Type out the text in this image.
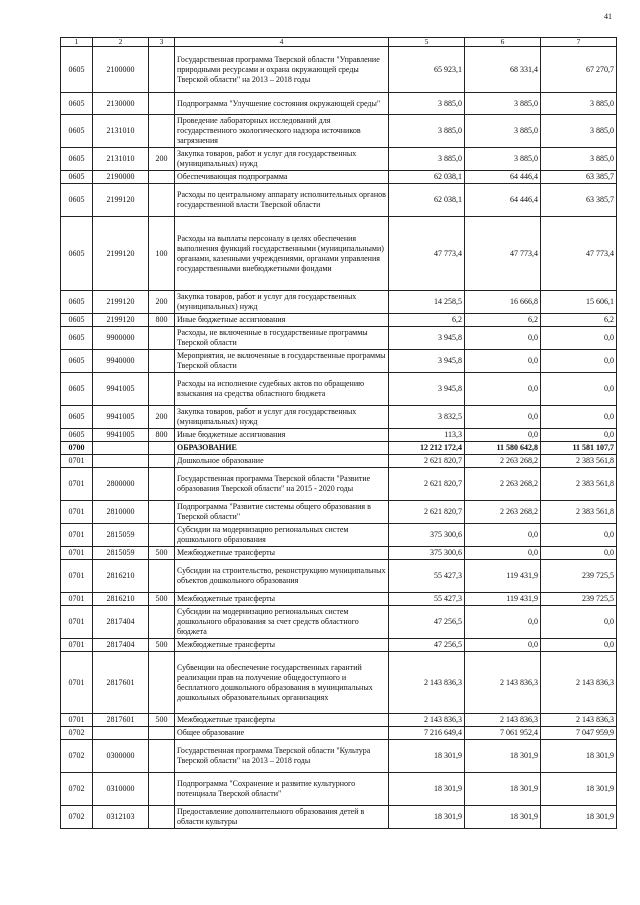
41
1	2	3	4	5	6	7
0605	2100000		Государственная программа Тверской области "Управление природными ресурсами и охрана окружающей среды Тверской области" на 2013 – 2018 годы	65 923,1	68 331,4	67 270,7
0605	2130000		Подпрограмма "Улучшение состояния окружающей среды"	3 885,0	3 885,0	3 885,0
0605	2131010		Проведение лабораторных исследований для государственного экологического надзора источников загрязнения	3 885,0	3 885,0	3 885,0
0605	2131010	200	Закупка товаров, работ и услуг для государственных (муниципальных) нужд	3 885,0	3 885,0	3 885,0
0605	2190000		Обеспечивающая подпрограмма	62 038,1	64 446,4	63 385,7
0605	2199120		Расходы по центральному аппарату исполнительных органов государственной власти Тверской области	62 038,1	64 446,4	63 385,7
0605	2199120	100	Расходы на выплаты персоналу в целях обеспечения выполнения функций государственными (муниципальными) органами, казенными учреждениями, органами управления государственными внебюджетными фондами	47 773,4	47 773,4	47 773,4
0605	2199120	200	Закупка товаров, работ и услуг для государственных (муниципальных) нужд	14 258,5	16 666,8	15 606,1
0605	2199120	800	Иные бюджетные ассигнования	6,2	6,2	6,2
0605	9900000		Расходы, не включенные в государственные программы Тверской области	3 945,8	0,0	0,0
0605	9940000		Мероприятия, не включенные в государственные программы Тверской области	3 945,8	0,0	0,0
0605	9941005		Расходы на исполнение судебных актов по обращению взыскания на средства областного бюджета	3 945,8	0,0	0,0
0605	9941005	200	Закупка товаров, работ и услуг для государственных (муниципальных) нужд	3 832,5	0,0	0,0
0605	9941005	800	Иные бюджетные ассигнования	113,3	0,0	0,0
0700			ОБРАЗОВАНИЕ	12 212 172,4	11 580 642,8	11 581 107,7
0701			Дошкольное образование	2 621 820,7	2 263 268,2	2 383 561,8
0701	2800000		Государственная программа Тверской области "Развитие образования Тверской области" на 2015 - 2020 годы	2 621 820,7	2 263 268,2	2 383 561,8
0701	2810000		Подпрограмма "Развитие системы общего образования в Тверской области"	2 621 820,7	2 263 268,2	2 383 561,8
0701	2815059		Субсидии на модернизацию региональных систем дошкольного образования	375 300,6	0,0	0,0
0701	2815059	500	Межбюджетные трансферты	375 300,6	0,0	0,0
0701	2816210		Субсидии на строительство, реконструкцию муниципальных объектов дошкольного образования	55 427,3	119 431,9	239 725,5
0701	2816210	500	Межбюджетные трансферты	55 427,3	119 431,9	239 725,5
0701	2817404		Субсидии на модернизацию региональных систем дошкольного образования за счет средств областного бюджета	47 256,5	0,0	0,0
0701	2817404	500	Межбюджетные трансферты	47 256,5	0,0	0,0
0701	2817601		Субвенции на обеспечение государственных гарантий реализации прав на получение общедоступного и бесплатного дошкольного образования в муниципальных дошкольных образовательных организациях	2 143 836,3	2 143 836,3	2 143 836,3
0701	2817601	500	Межбюджетные трансферты	2 143 836,3	2 143 836,3	2 143 836,3
0702			Общее образование	7 216 649,4	7 061 952,4	7 047 959,9
0702	0300000		Государственная программа Тверской области "Культура Тверской области" на 2013 – 2018 годы	18 301,9	18 301,9	18 301,9
0702	0310000		Подпрограмма "Сохранение и развитие культурного потенциала Тверской области"	18 301,9	18 301,9	18 301,9
0702	0312103		Предоставление дополнительного образования детей в области культуры	18 301,9	18 301,9	18 301,9
